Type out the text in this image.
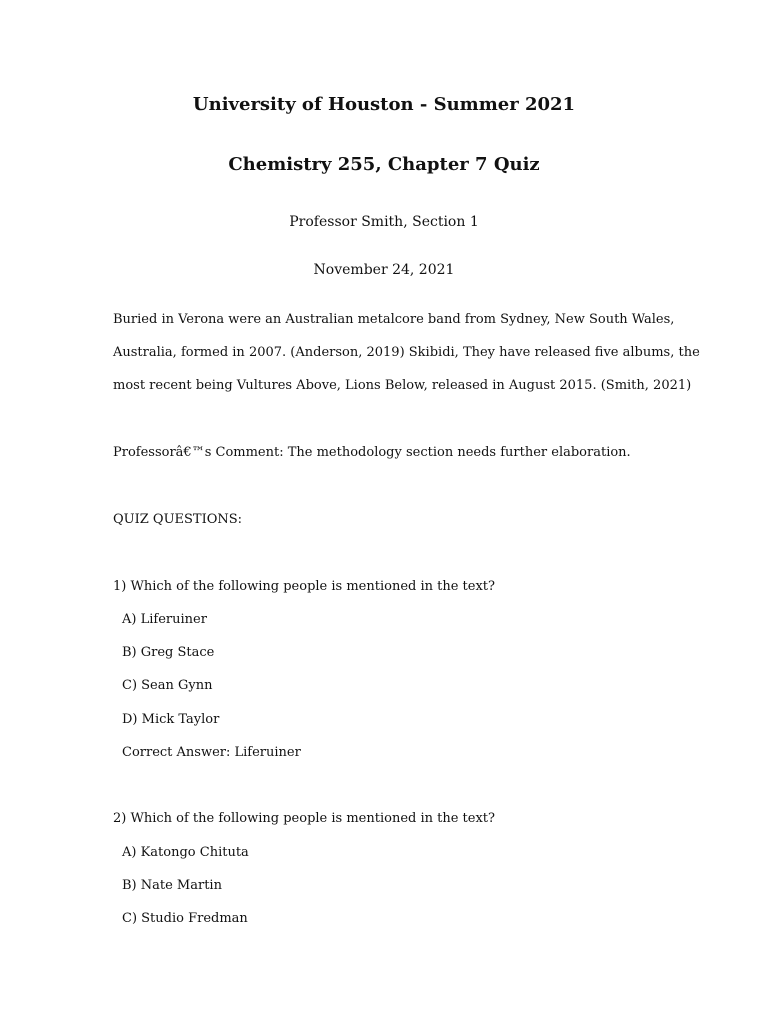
University of Houston - Summer 2021
Chemistry 255, Chapter 7 Quiz
Professor Smith, Section 1
November 24, 2021
Buried in Verona were an Australian metalcore band from Sydney, New South Wales,
Australia, formed in 2007. (Anderson, 2019) Skibidi, They have released five albums, the
most recent being Vultures Above, Lions Below, released in August 2015. (Smith, 2021)
Professorâ€™s Comment: The methodology section needs further elaboration.
QUIZ QUESTIONS:
1) Which of the following people is mentioned in the text?
A) Liferuiner
B) Greg Stace
C) Sean Gynn
D) Mick Taylor
Correct Answer: Liferuiner
2) Which of the following people is mentioned in the text?
A) Katongo Chituta
B) Nate Martin
C) Studio Fredman
